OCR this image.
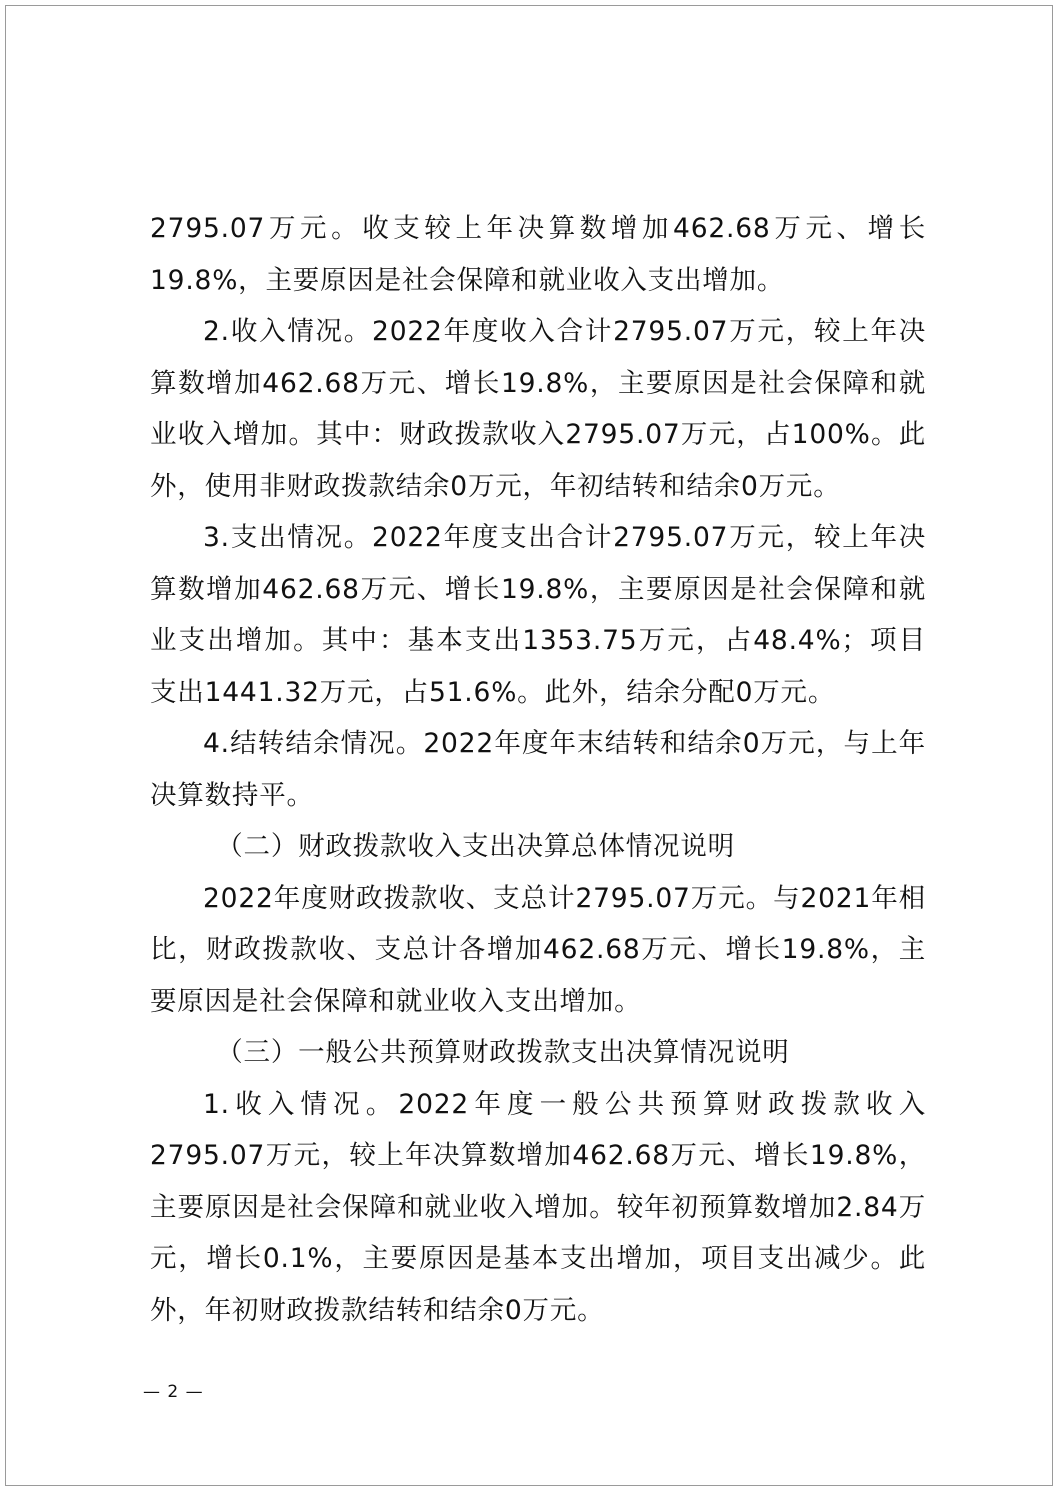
2795.07万元。收支较上年决算数增加462.68万元、增长19.8%，主要原因是社会保障和就业收入支出增加。

2.收入情况。2022年度收入合计2795.07万元，较上年决算数增加462.68万元、增长19.8%，主要原因是社会保障和就业收入增加。其中：财政拨款收入2795.07万元，占100%。此外，使用非财政拨款结余0万元，年初结转和结余0万元。

3.支出情况。2022年度支出合计2795.07万元，较上年决算数增加462.68万元、增长19.8%，主要原因是社会保障和就业支出增加。其中：基本支出1353.75万元，占48.4%；项目支出1441.32万元，占51.6%。此外，结余分配0万元。

4.结转结余情况。2022年度年末结转和结余0万元，与上年决算数持平。

（二）财政拨款收入支出决算总体情况说明

2022年度财政拨款收、支总计2795.07万元。与2021年相比，财政拨款收、支总计各增加462.68万元、增长19.8%，主要原因是社会保障和就业收入支出增加。

（三）一般公共预算财政拨款支出决算情况说明

1.收入情况。2022年度一般公共预算财政拨款收入2795.07万元，较上年决算数增加462.68万元、增长19.8%，主要原因是社会保障和就业收入增加。较年初预算数增加2.84万元，增长0.1%，主要原因是基本支出增加，项目支出减少。此外，年初财政拨款结转和结余0万元。

— 2 —
